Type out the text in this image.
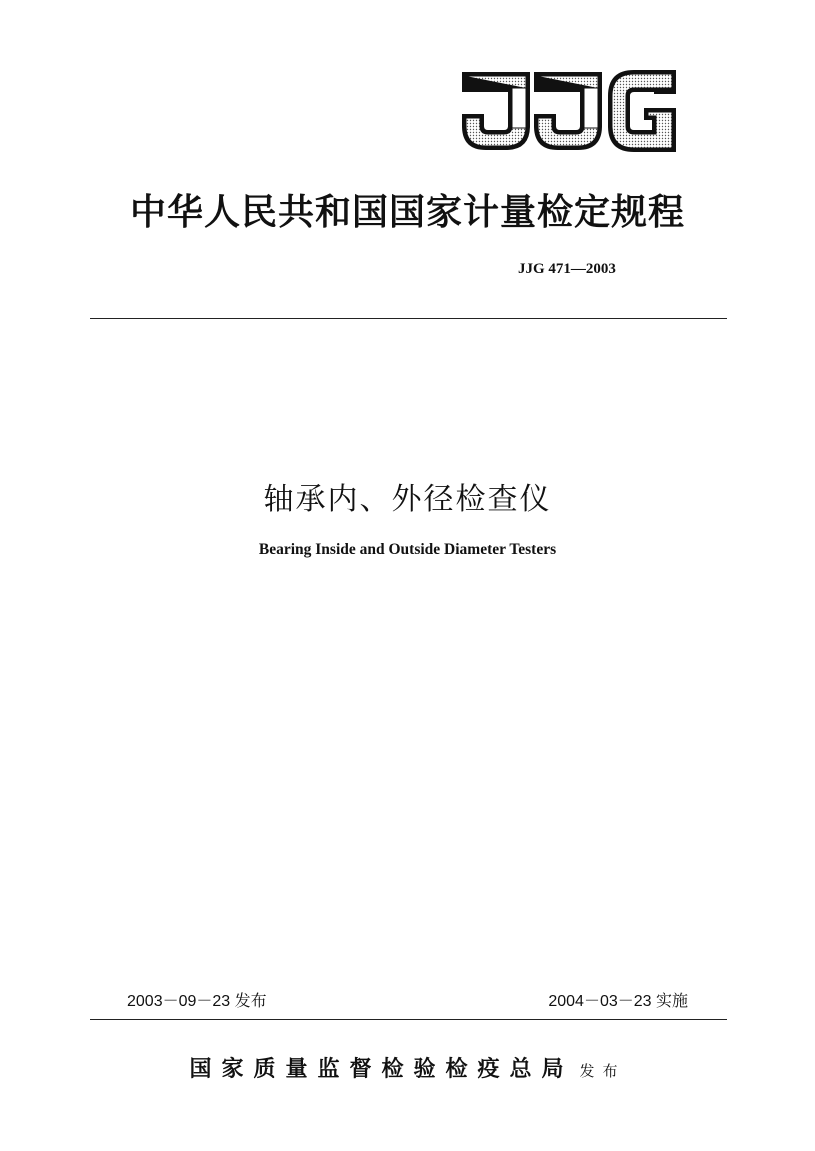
中华人民共和国国家计量检定规程
JJG 471—2003
轴承内、外径检查仪
Bearing Inside and Outside Diameter Testers
2003－09－23 发布	2004－03－23 实施
国家质量监督检验检疫总局 发布
